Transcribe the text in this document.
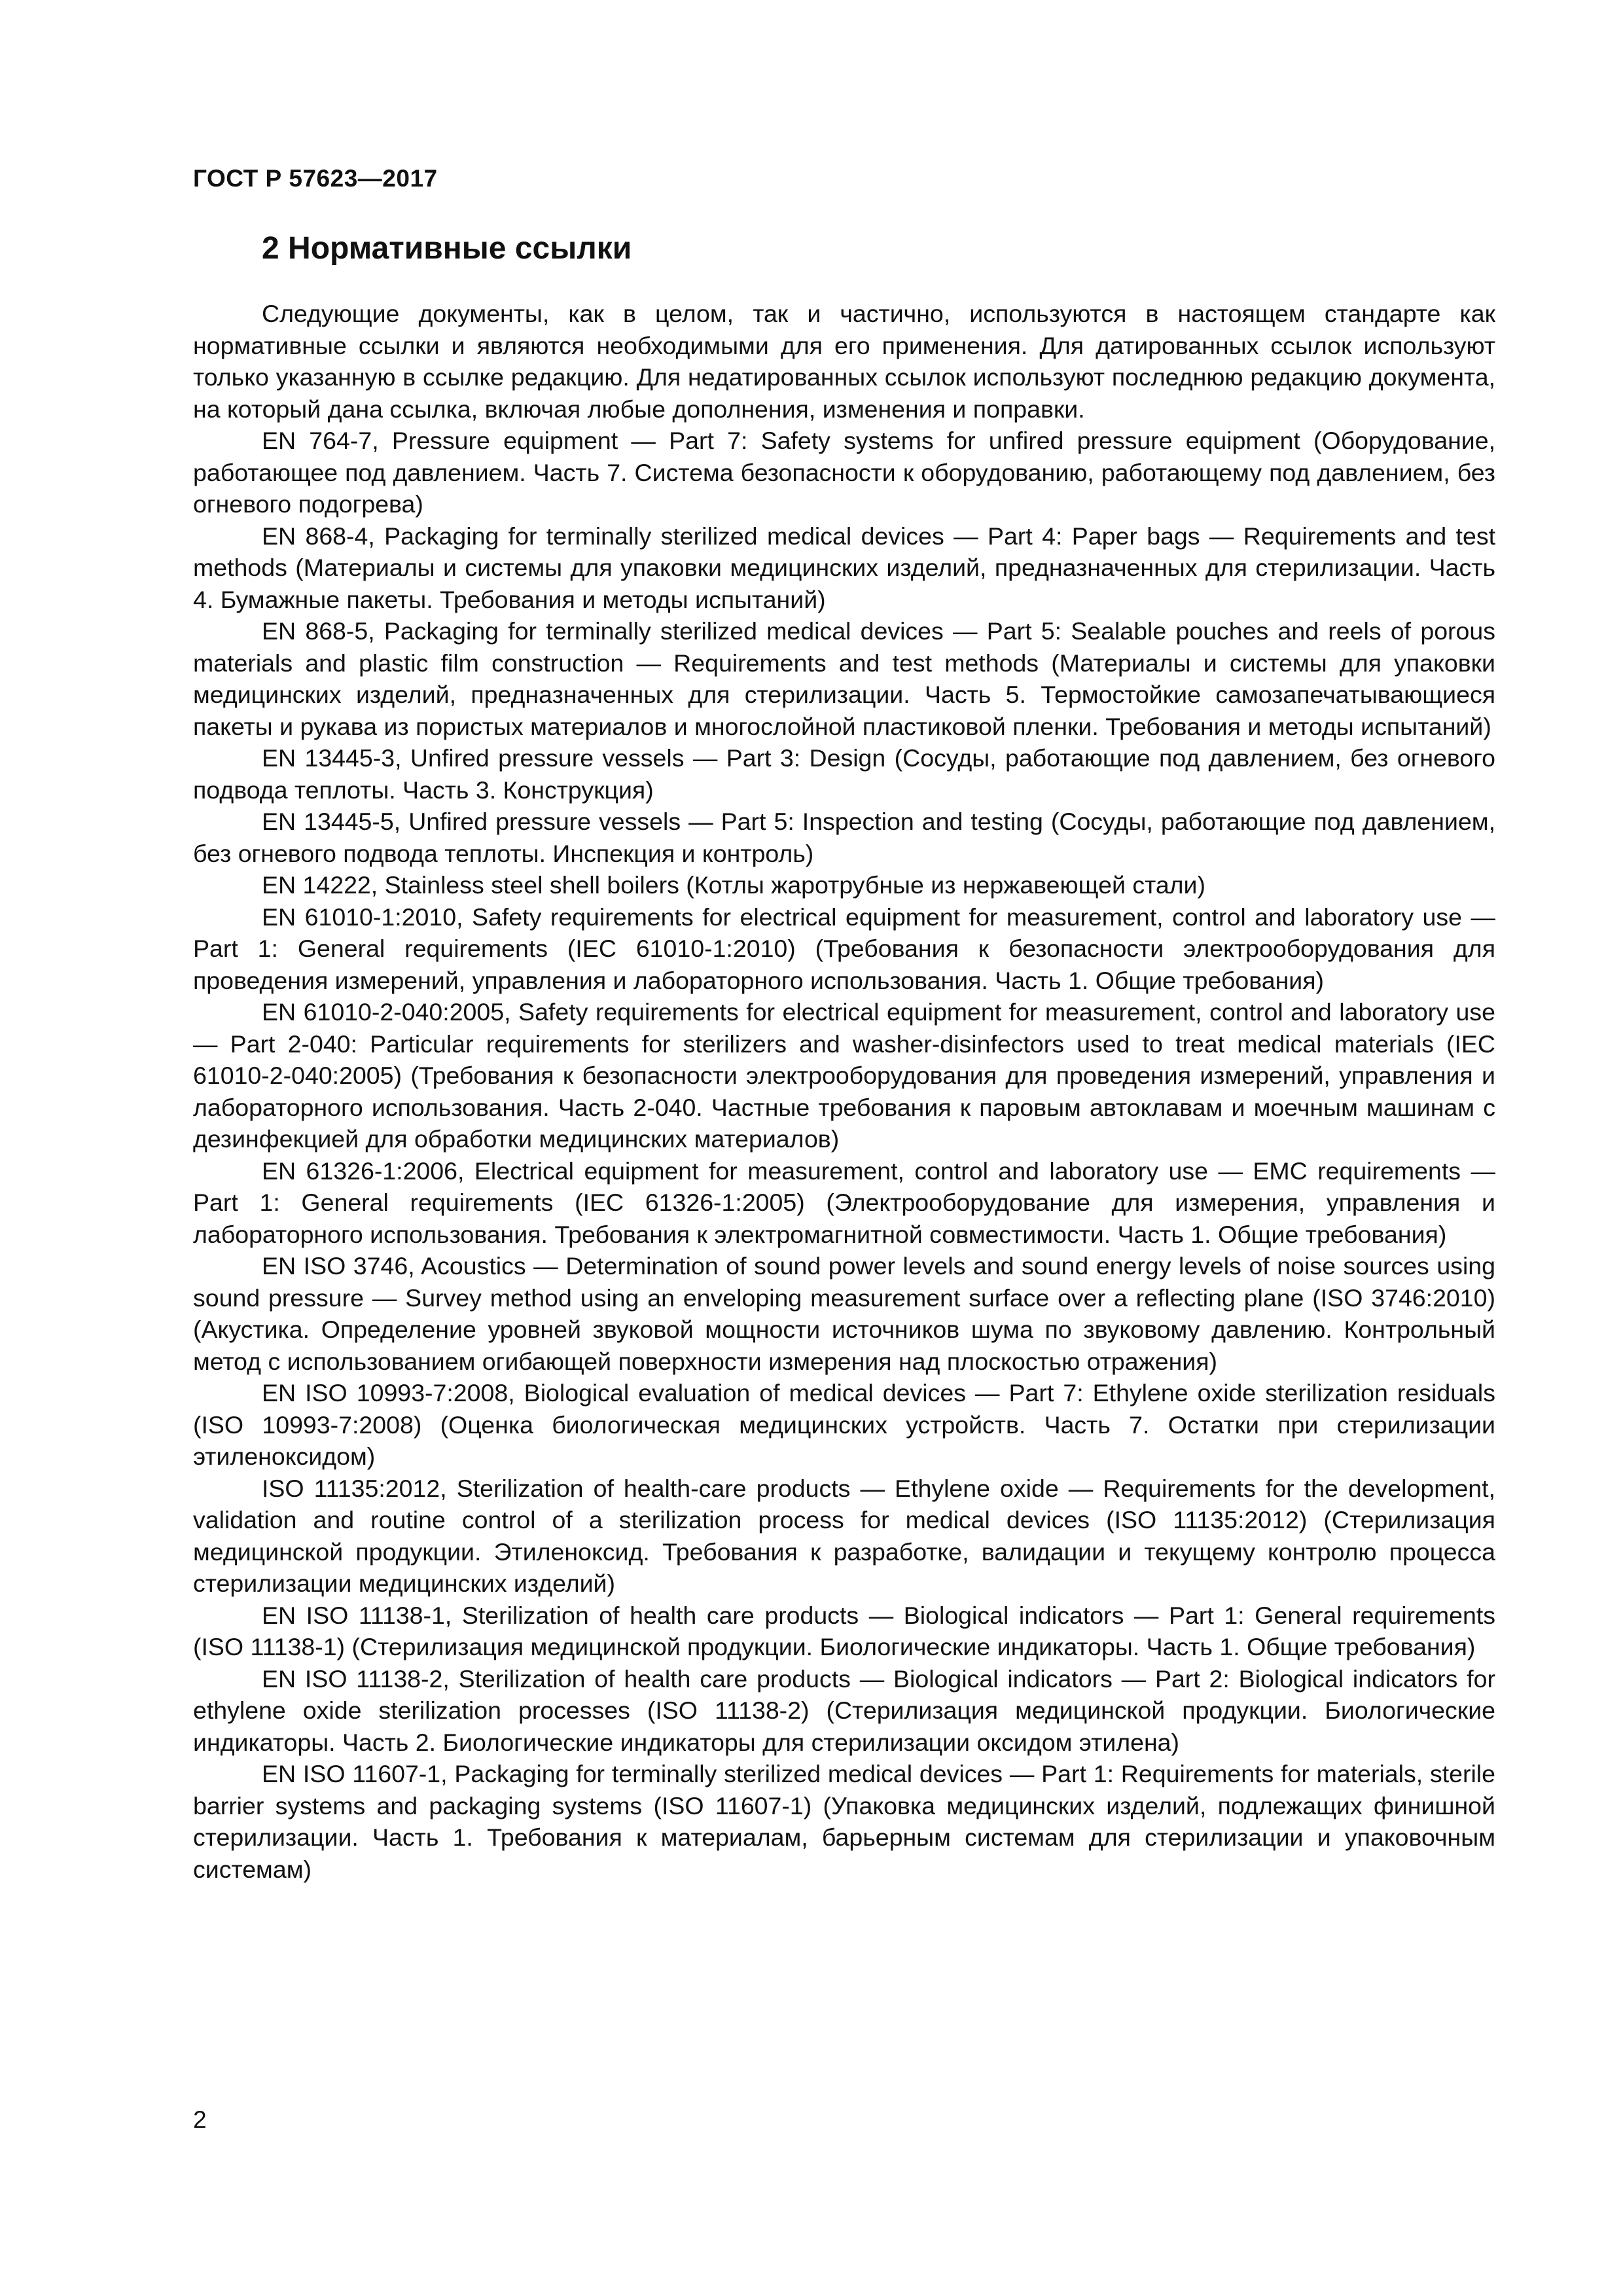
ГОСТ Р 57623—2017
2 Нормативные ссылки

Следующие документы, как в целом, так и частично, используются в настоящем стандарте как нормативные ссылки и являются необходимыми для его применения. Для датированных ссылок используют только указанную в ссылке редакцию. Для недатированных ссылок используют последнюю редакцию документа, на который дана ссылка, включая любые дополнения, изменения и поправки.

EN 764-7, Pressure equipment — Part 7: Safety systems for unfired pressure equipment (Оборудование, работающее под давлением. Часть 7. Система безопасности к оборудованию, работающему под давлением, без огневого подогрева)

EN 868-4, Packaging for terminally sterilized medical devices — Part 4: Paper bags — Requirements and test methods (Материалы и системы для упаковки медицинских изделий, предназначенных для стерилизации. Часть 4. Бумажные пакеты. Требования и методы испытаний)

EN 868-5, Packaging for terminally sterilized medical devices — Part 5: Sealable pouches and reels of porous materials and plastic film construction — Requirements and test methods (Материалы и системы для упаковки медицинских изделий, предназначенных для стерилизации. Часть 5. Термостойкие самозапечатывающиеся пакеты и рукава из пористых материалов и многослойной пластиковой пленки. Требования и методы испытаний)

EN 13445-3, Unfired pressure vessels — Part 3: Design (Сосуды, работающие под давлением, без огневого подвода теплоты. Часть 3. Конструкция)

EN 13445-5, Unfired pressure vessels — Part 5: Inspection and testing (Сосуды, работающие под давлением, без огневого подвода теплоты. Инспекция и контроль)

EN 14222, Stainless steel shell boilers (Котлы жаротрубные из нержавеющей стали)

EN 61010-1:2010, Safety requirements for electrical equipment for measurement, control and laboratory use — Part 1: General requirements (IEC 61010-1:2010) (Требования к безопасности электрооборудования для проведения измерений, управления и лабораторного использования. Часть 1. Общие требования)

EN 61010-2-040:2005, Safety requirements for electrical equipment for measurement, control and laboratory use — Part 2-040: Particular requirements for sterilizers and washer-disinfectors used to treat medical materials (IEC 61010-2-040:2005) (Требования к безопасности электрооборудования для проведения измерений, управления и лабораторного использования. Часть 2-040. Частные требования к паровым автоклавам и моечным машинам с дезинфекцией для обработки медицинских материалов)

EN 61326-1:2006, Electrical equipment for measurement, control and laboratory use — EMC requirements — Part 1: General requirements (IEC 61326-1:2005) (Электрооборудование для измерения, управления и лабораторного использования. Требования к электромагнитной совместимости. Часть 1. Общие требования)

EN ISO 3746, Acoustics — Determination of sound power levels and sound energy levels of noise sources using sound pressure — Survey method using an enveloping measurement surface over a reflecting plane (ISO 3746:2010) (Акустика. Определение уровней звуковой мощности источников шума по звуковому давлению. Контрольный метод с использованием огибающей поверхности измерения над плоскостью отражения)

EN ISO 10993-7:2008, Biological evaluation of medical devices — Part 7: Ethylene oxide sterilization residuals (ISO 10993-7:2008) (Оценка биологическая медицинских устройств. Часть 7. Остатки при стерилизации этиленоксидом)

ISO 11135:2012, Sterilization of health-care products — Ethylene oxide — Requirements for the development, validation and routine control of a sterilization process for medical devices (ISO 11135:2012) (Стерилизация медицинской продукции. Этиленоксид. Требования к разработке, валидации и текущему контролю процесса стерилизации медицинских изделий)

EN ISO 11138-1, Sterilization of health care products — Biological indicators — Part 1: General requirements (ISO 11138-1) (Стерилизация медицинской продукции. Биологические индикаторы. Часть 1. Общие требования)

EN ISO 11138-2, Sterilization of health care products — Biological indicators — Part 2: Biological indicators for ethylene oxide sterilization processes (ISO 11138-2) (Стерилизация медицинской продукции. Биологические индикаторы. Часть 2. Биологические индикаторы для стерилизации оксидом этилена)

EN ISO 11607-1, Packaging for terminally sterilized medical devices — Part 1: Requirements for materials, sterile barrier systems and packaging systems (ISO 11607-1) (Упаковка медицинских изделий, подлежащих финишной стерилизации. Часть 1. Требования к материалам, барьерным системам для стерилизации и упаковочным системам)

2
